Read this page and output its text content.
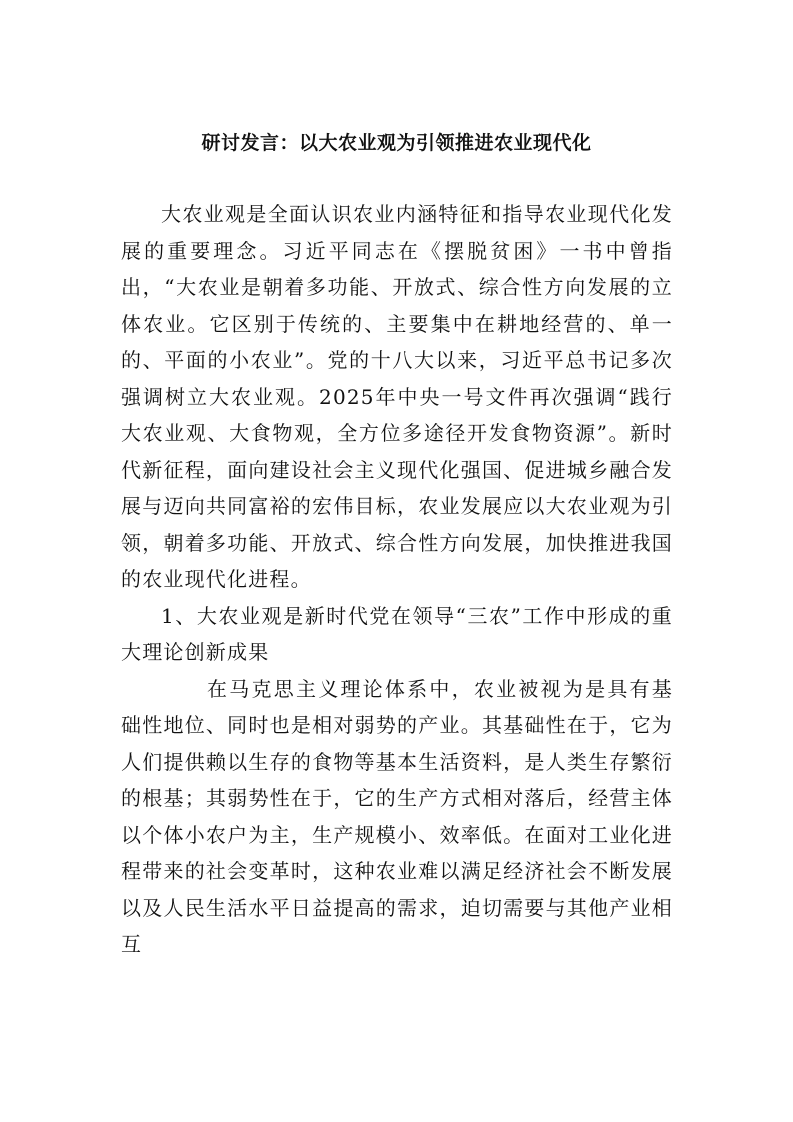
研讨发言：以大农业观为引领推进农业现代化

大农业观是全面认识农业内涵特征和指导农业现代化发展的重要理念。习近平同志在《摆脱贫困》一书中曾指出，“大农业是朝着多功能、开放式、综合性方向发展的立体农业。它区别于传统的、主要集中在耕地经营的、单一的、平面的小农业”。党的十八大以来，习近平总书记多次强调树立大农业观。2025年中央一号文件再次强调“践行大农业观、大食物观，全方位多途径开发食物资源”。新时代新征程，面向建设社会主义现代化强国、促进城乡融合发展与迈向共同富裕的宏伟目标，农业发展应以大农业观为引领，朝着多功能、开放式、综合性方向发展，加快推进我国的农业现代化进程。

1、大农业观是新时代党在领导“三农”工作中形成的重大理论创新成果

在马克思主义理论体系中，农业被视为是具有基础性地位、同时也是相对弱势的产业。其基础性在于，它为人们提供赖以生存的食物等基本生活资料，是人类生存繁衍的根基；其弱势性在于，它的生产方式相对落后，经营主体以个体小农户为主，生产规模小、效率低。在面对工业化进程带来的社会变革时，这种农业难以满足经济社会不断发展以及人民生活水平日益提高的需求，迫切需要与其他产业相互
